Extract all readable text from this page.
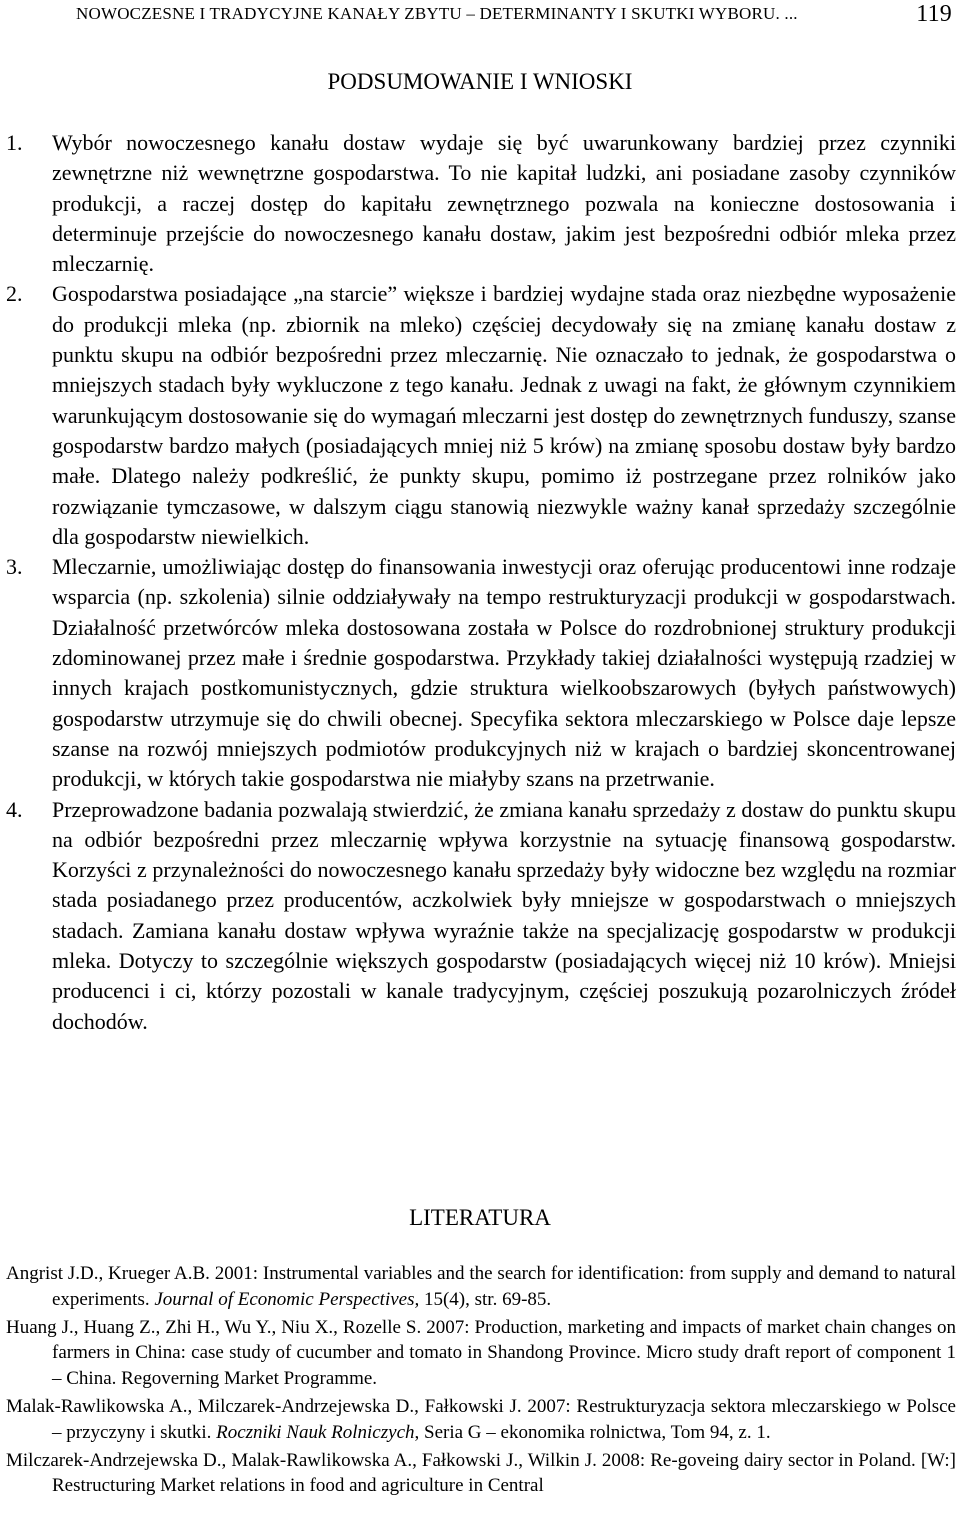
NOWOCZESNE I TRADYCYJNE KANAŁY ZBYTU – DETERMINANTY I SKUTKI WYBORU. ...	119
PODSUMOWANIE I WNIOSKI
1.	Wybór nowoczesnego kanału dostaw wydaje się być uwarunkowany bardziej przez czynniki zewnętrzne niż wewnętrzne gospodarstwa. To nie kapitał ludzki, ani posiadane zasoby czynników produkcji, a raczej dostęp do kapitału zewnętrznego pozwala na konieczne dostosowania i determinuje przejście do nowoczesnego kanału dostaw, jakim jest bezpośredni odbiór mleka przez mleczarnię.
2.	Gospodarstwa posiadające „na starcie” większe i bardziej wydajne stada oraz niezbędne wyposażenie do produkcji mleka (np. zbiornik na mleko) częściej decydowały się na zmianę kanału dostaw z punktu skupu na odbiór bezpośredni przez mleczarnię. Nie oznaczało to jednak, że gospodarstwa o mniejszych stadach były wykluczone z tego kanału. Jednak z uwagi na fakt, że głównym czynnikiem warunkującym dostosowanie się do wymagań mleczarni jest dostęp do zewnętrznych funduszy, szanse gospodarstw bardzo małych (posiadających mniej niż 5 krów) na zmianę sposobu dostaw były bardzo małe. Dlatego należy podkreślić, że punkty skupu, pomimo iż postrzegane przez rolników jako rozwiązanie tymczasowe, w dalszym ciągu stanowią niezwykle ważny kanał sprzedaży szczególnie dla gospodarstw niewielkich.
3.	Mleczarnie, umożliwiając dostęp do finansowania inwestycji oraz oferując producentowi inne rodzaje wsparcia (np. szkolenia) silnie oddziaływały na tempo restrukturyzacji produkcji w gospodarstwach. Działalność przetwórców mleka dostosowana została w Polsce do rozdrobnionej struktury produkcji zdominowanej przez małe i średnie gospodarstwa. Przykłady takiej działalności występują rzadziej w innych krajach postkomunistycznych, gdzie struktura wielkoobszarowych (byłych państwowych) gospodarstw utrzymuje się do chwili obecnej. Specyfika sektora mleczarskiego w Polsce daje lepsze szanse na rozwój mniejszych podmiotów produkcyjnych niż w krajach o bardziej skoncentrowanej produkcji, w których takie gospodarstwa nie miałyby szans na przetrwanie.
4.	Przeprowadzone badania pozwalają stwierdzić, że zmiana kanału sprzedaży z dostaw do punktu skupu na odbiór bezpośredni przez mleczarnię wpływa korzystnie na sytuację finansową gospodarstw. Korzyści z przynależności do nowoczesnego kanału sprzedaży były widoczne bez względu na rozmiar stada posiadanego przez producentów, aczkolwiek były mniejsze w gospodarstwach o mniejszych stadach. Zamiana kanału dostaw wpływa wyraźnie także na specjalizację gospodarstw w produkcji mleka. Dotyczy to szczególnie większych gospodarstw (posiadających więcej niż 10 krów). Mniejsi producenci i ci, którzy pozostali w kanale tradycyjnym, częściej poszukują pozarolniczych źródeł dochodów.
LITERATURA
Angrist J.D., Krueger A.B. 2001: Instrumental variables and the search for identification: from supply and demand to natural experiments. Journal of Economic Perspectives, 15(4), str. 69-85.
Huang J., Huang Z., Zhi H., Wu Y., Niu X., Rozelle S. 2007: Production, marketing and impacts of market chain changes on farmers in China: case study of cucumber and tomato in Shandong Province. Micro study draft report of component 1 – China. Regoverning Market Programme.
Malak-Rawlikowska A., Milczarek-Andrzejewska D., Fałkowski J. 2007: Restrukturyzacja sektora mleczarskiego w Polsce – przyczyny i skutki. Roczniki Nauk Rolniczych, Seria G – ekonomika rolnictwa, Tom 94, z. 1.
Milczarek-Andrzejewska D., Malak-Rawlikowska A., Fałkowski J., Wilkin J. 2008: Re-goveing dairy sector in Poland. [W:] Restructuring Market relations in food and agriculture in Central
